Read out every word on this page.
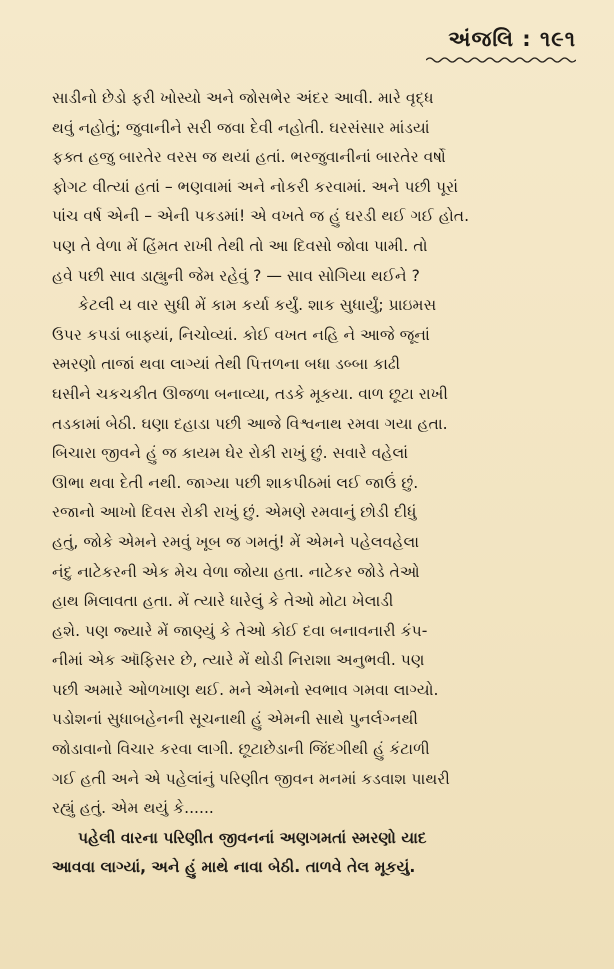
અંજલિ : ૧૯૧

સાડીનો છેડો ફરી ખોસ્યો અને જોસભેર અંદર આવી. મારે વૃદ્ધ
થવું નહોતું; જુવાનીને સરી જવા દેવી નહોતી. ઘરસંસાર માંડયાં
ફક્ત હજુ બારતેર વરસ જ થયાં હતાં. ભરજુવાનીનાં બારતેર વર્ષો
ફોગટ વીત્યાં હતાં – ભણવામાં અને નોકરી કરવામાં. અને પછી પૂરાં
પાંચ વર્ષ એની – એની પકડમાં! એ વખતે જ હું ઘરડી થઈ ગઈ હોત.
પણ તે વેળા મેં હિંમત રાખી તેથી તો આ દિવસો જોવા પામી. તો
હવે પછી સાવ ડાહ્યુની જેમ રહેવું ? — સાવ સોગિયા થઈને ?

કેટલી ય વાર સુધી મેં કામ કર્યા કર્યું. શાક સુધાર્યું; પ્રાઇમસ
ઉપર કપડાં બાફ્યાં, નિચોવ્યાં. કોઈ વખત નહિ ને આજે જૂનાં
સ્મરણો તાજાં થવા લાગ્યાં તેથી પિત્તળના બધા ડબ્બા કાઢી
ઘસીને ચકચકીત ઊજળા બનાવ્યા, તડકે મૂકયા. વાળ છૂટા રાખી
તડકામાં બેઠી. ઘણા દહાડા પછી આજે વિશ્વનાથ રમવા ગયા હતા.
બિચારા જીવને હું જ કાયમ ઘેર રોકી રાખું છું. સવારે વહેલાં
ઊભા થવા દેતી નથી. જાગ્યા પછી શાકપીઠમાં લઈ જાઉં છું.
રજાનો આખો દિવસ રોકી રાખું છું. એમણે રમવાનું છોડી દીધું
હતું, જોકે એમને રમવું ખૂબ જ ગમતું! મેં એમને પહેલવહેલા
નંદુ નાટેકરની એક મેચ વેળા જોયા હતા. નાટેકર જોડે તેઓ
હાથ મિલાવતા હતા. મેં ત્યારે ધારેલું કે તેઓ મોટા ખેલાડી
હશે. પણ જ્યારે મેં જાણ્યું કે તેઓ કોઈ દવા બનાવનારી કંપ-
નીમાં એક ઑફિસર છે, ત્યારે મેં થોડી નિરાશા અનુભવી. પણ
પછી અમારે ઓળખાણ થઈ. મને એમનો સ્વભાવ ગમવા લાગ્યો.
પડોશનાં સુધાબહેનની સૂચનાથી હું એમની સાથે પુનર્લગ્નથી
જોડાવાનો વિચાર કરવા લાગી. છૂટાછેડાની જિંદગીથી હું કંટાળી
ગઈ હતી અને એ પહેલાંનું પરિણીત જીવન મનમાં કડવાશ પાથરી
રહ્યું હતું. એમ થયું કે......

પહેલી વારના પરિણીત જીવનનાં અણગમતાં સ્મરણો યાદ
આવવા લાગ્યાં, અને હું માથે નાવા બેઠી. તાળવે તેલ મૂકયું.
